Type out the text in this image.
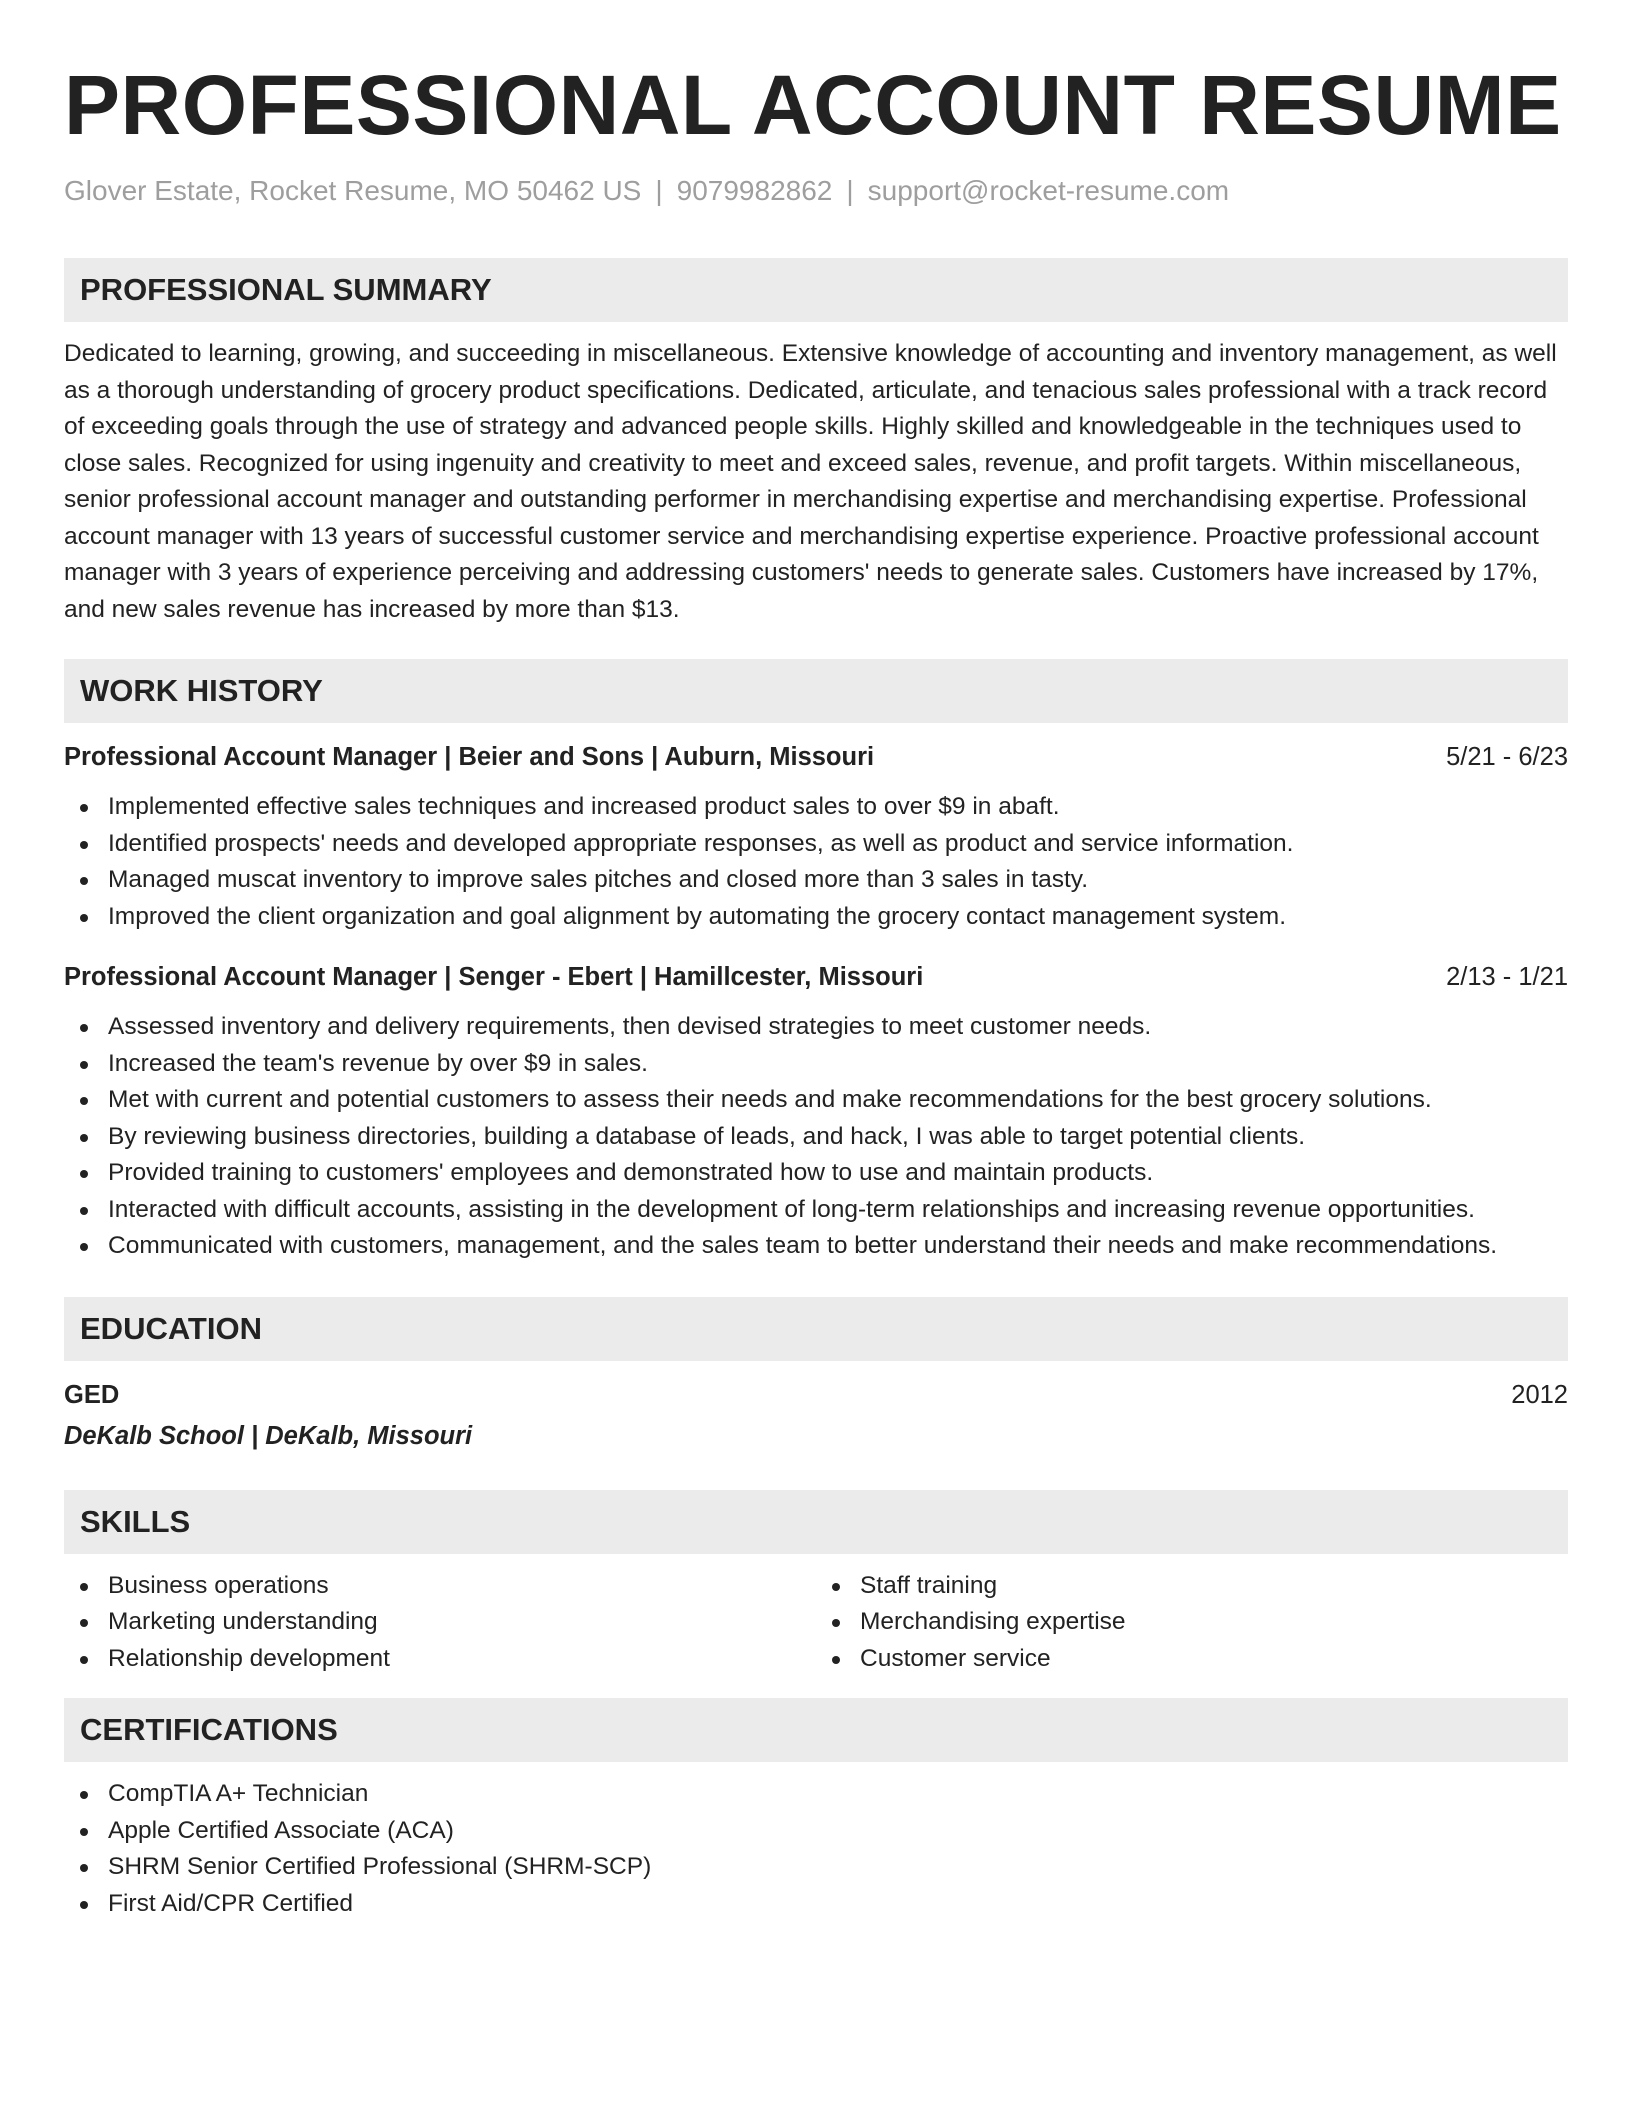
PROFESSIONAL ACCOUNT RESUME
Glover Estate, Rocket Resume, MO 50462 US | 9079982862 | support@rocket-resume.com
PROFESSIONAL SUMMARY

Dedicated to learning, growing, and succeeding in miscellaneous. Extensive knowledge of accounting and inventory management, as well as a thorough understanding of grocery product specifications. Dedicated, articulate, and tenacious sales professional with a track record of exceeding goals through the use of strategy and advanced people skills. Highly skilled and knowledgeable in the techniques used to close sales. Recognized for using ingenuity and creativity to meet and exceed sales, revenue, and profit targets. Within miscellaneous, senior professional account manager and outstanding performer in merchandising expertise and merchandising expertise. Professional account manager with 13 years of successful customer service and merchandising expertise experience. Proactive professional account manager with 3 years of experience perceiving and addressing customers' needs to generate sales. Customers have increased by 17%, and new sales revenue has increased by more than $13.

WORK HISTORY
Professional Account Manager | Beier and Sons | Auburn, Missouri	5/21 - 6/23
Implemented effective sales techniques and increased product sales to over $9 in abaft.
Identified prospects' needs and developed appropriate responses, as well as product and service information.
Managed muscat inventory to improve sales pitches and closed more than 3 sales in tasty.
Improved the client organization and goal alignment by automating the grocery contact management system.
Professional Account Manager | Senger - Ebert | Hamillcester, Missouri	2/13 - 1/21
Assessed inventory and delivery requirements, then devised strategies to meet customer needs.
Increased the team's revenue by over $9 in sales.
Met with current and potential customers to assess their needs and make recommendations for the best grocery solutions.
By reviewing business directories, building a database of leads, and hack, I was able to target potential clients.
Provided training to customers' employees and demonstrated how to use and maintain products.
Interacted with difficult accounts, assisting in the development of long-term relationships and increasing revenue opportunities.
Communicated with customers, management, and the sales team to better understand their needs and make recommendations.
EDUCATION
GED	2012
DeKalb School | DeKalb, Missouri
SKILLS
Business operations
Marketing understanding
Relationship development
Staff training
Merchandising expertise
Customer service
CERTIFICATIONS
CompTIA A+ Technician
Apple Certified Associate (ACA)
SHRM Senior Certified Professional (SHRM-SCP)
First Aid/CPR Certified
